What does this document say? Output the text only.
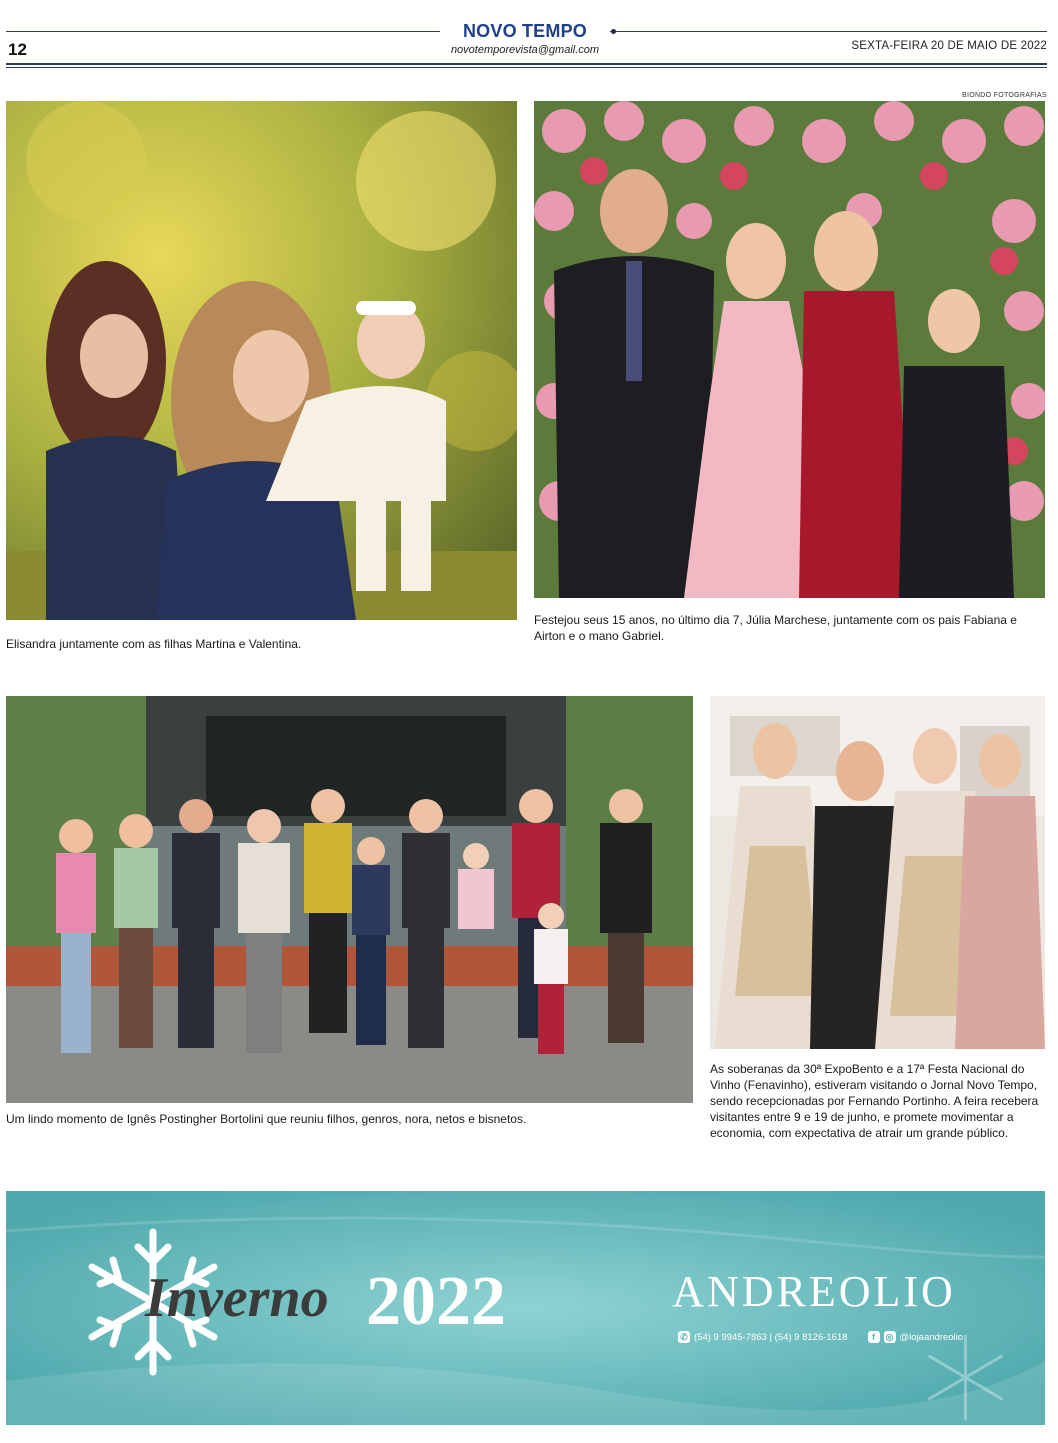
12
NOVO TEMPO
novotemporevista@gmail.com	SEXTA-FEIRA 20 DE MAIO DE 2022
Elisandra juntamente com as filhas Martina e Valentina.
BIONDO FOTOGRAFIAS
Festejou seus 15 anos, no último dia 7, Júlia Marchese, juntamente com os pais Fabiana e Airton e o mano Gabriel.
Um lindo momento de Ignês Postingher Bortolini que reuniu filhos, genros, nora, netos e bisnetos.
As soberanas da 30ª ExpoBento e a 17ª Festa Nacional do Vinho (Fenavinho), estiveram visitando o Jornal Novo Tempo, sendo recepcionadas por Fernando Portinho. A feira recebera visitantes entre 9 e 19 de junho, e promete movimentar a economia, com expectativa de atrair um grande público.
Inverno 2022	ANDREOLIO
✆ (54) 9 9945-7863 | (54) 9 8126-1618	f	◎ @lojaandreolio
